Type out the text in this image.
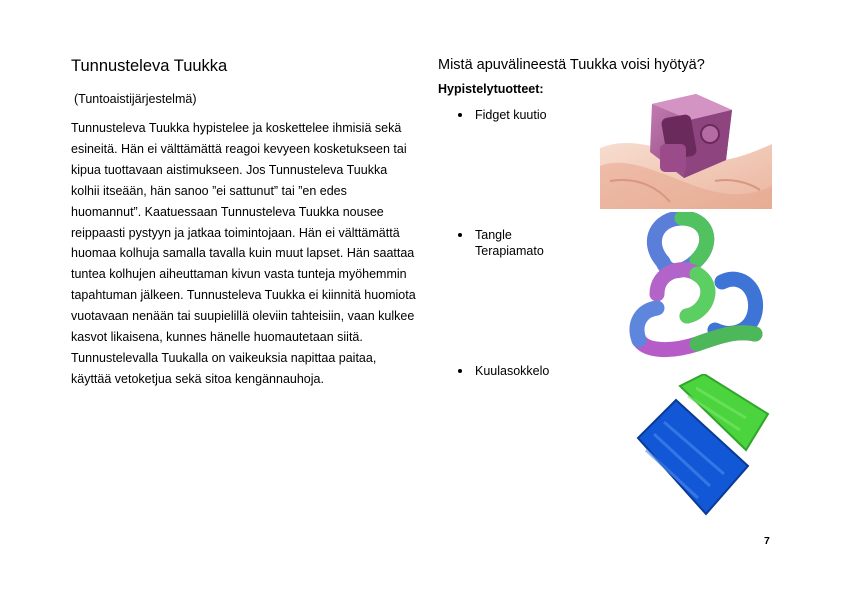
Tunnusteleva Tuukka
(Tuntoaistijärjestelmä)
Tunnusteleva Tuukka hypistelee ja koskettelee ihmisiä sekä esineitä. Hän ei välttämättä reagoi kevyeen kosketukseen tai kipua tuottavaan aistimukseen. Jos Tunnusteleva Tuukka kolhii itseään, hän sanoo ”ei sattunut” tai ”en edes huomannut”. Kaatuessaan Tunnusteleva Tuukka nousee reippaasti pystyyn ja jatkaa toimintojaan. Hän ei välttämättä huomaa kolhuja samalla tavalla kuin muut lapset. Hän saattaa tuntea kolhujen aiheuttaman kivun vasta tunteja myöhemmin tapahtuman jälkeen. Tunnusteleva Tuukka ei kiinnitä huomiota vuotavaan nenään tai suupielillä oleviin tahteisiin, vaan kulkee kasvot likaisena, kunnes hänelle huomautetaan siitä. Tunnustelevalla Tuukalla on vaikeuksia napittaa paitaa, käyttää vetoketjua sekä sitoa kengännauhoja.
Mistä apuvälineestä Tuukka voisi hyötyä?
Hypistelytuotteet:
Fidget kuutio
Tangle Terapiamato
Kuulasokkelo
7
